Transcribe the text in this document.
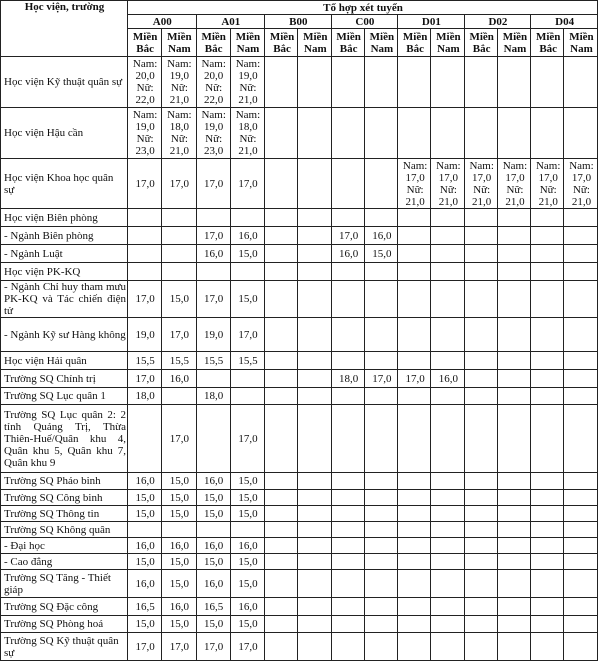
Học viện, trường	Tổ hợp xét tuyển													
	A00		A01		B00		C00		D01		D02		D04	

	Miền Bắc	Miền Nam	Miền Bắc	Miền Nam	Miền Bắc	Miền Nam	Miền Bắc	Miền Nam	Miền Bắc	Miền Nam	Miền Bắc	Miền Nam	Miền Bắc	Miền Nam

Học viện Kỹ thuật quân sự	Nam: 20,0 Nữ: 22,0	Nam: 19,0 Nữ: 21,0	Nam: 20,0 Nữ: 22,0	Nam: 19,0 Nữ: 21,0										

Học viện Hậu cần	Nam: 19,0 Nữ: 23,0	Nam: 18,0 Nữ: 21,0	Nam: 19,0 Nữ: 23,0	Nam: 18,0 Nữ: 21,0										

Học viện Khoa học quân sự	17,0	17,0	17,0	17,0					Nam: 17,0 Nữ: 21,0	Nam: 17,0 Nữ: 21,0	Nam: 17,0 Nữ: 21,0	Nam: 17,0 Nữ: 21,0	Nam: 17,0 Nữ: 21,0	Nam: 17,0 Nữ: 21,0

Học viện Biên phòng														
- Ngành Biên phòng			17,0	16,0			17,0	16,0						

- Ngành Luật			16,0	15,0			16,0	15,0						

Học viện PK-KQ														
- Ngành Chỉ huy tham mưu PK-KQ và Tác chiến điện tử	17,0	15,0	17,0	15,0										

- Ngành Kỹ sư Hàng không	19,0	17,0	19,0	17,0										

Học viện Hải quân	15,5	15,5	15,5	15,5										

Trường SQ Chính trị	17,0	16,0					18,0	17,0	17,0	16,0				

Trường SQ Lục quân 1	18,0		18,0											

Trường SQ Lục quân 2: 2 tỉnh Quảng Trị, Thừa Thiên-Huế/Quân khu 4, Quân khu 5, Quân khu 7, Quân khu 9		17,0		17,0										

Trường SQ Pháo binh	16,0	15,0	16,0	15,0										

Trường SQ Công binh	15,0	15,0	15,0	15,0										

Trường SQ Thông tin	15,0	15,0	15,0	15,0										

Trường SQ Không quân														
- Đại học	16,0	16,0	16,0	16,0										

- Cao đẳng	15,0	15,0	15,0	15,0										

Trường SQ Tăng - Thiết giáp	16,0	15,0	16,0	15,0										

Trường SQ Đặc công	16,5	16,0	16,5	16,0										

Trường SQ Phòng hoá	15,0	15,0	15,0	15,0										

Trường SQ Kỹ thuật quân sự	17,0	17,0	17,0	17,0										
